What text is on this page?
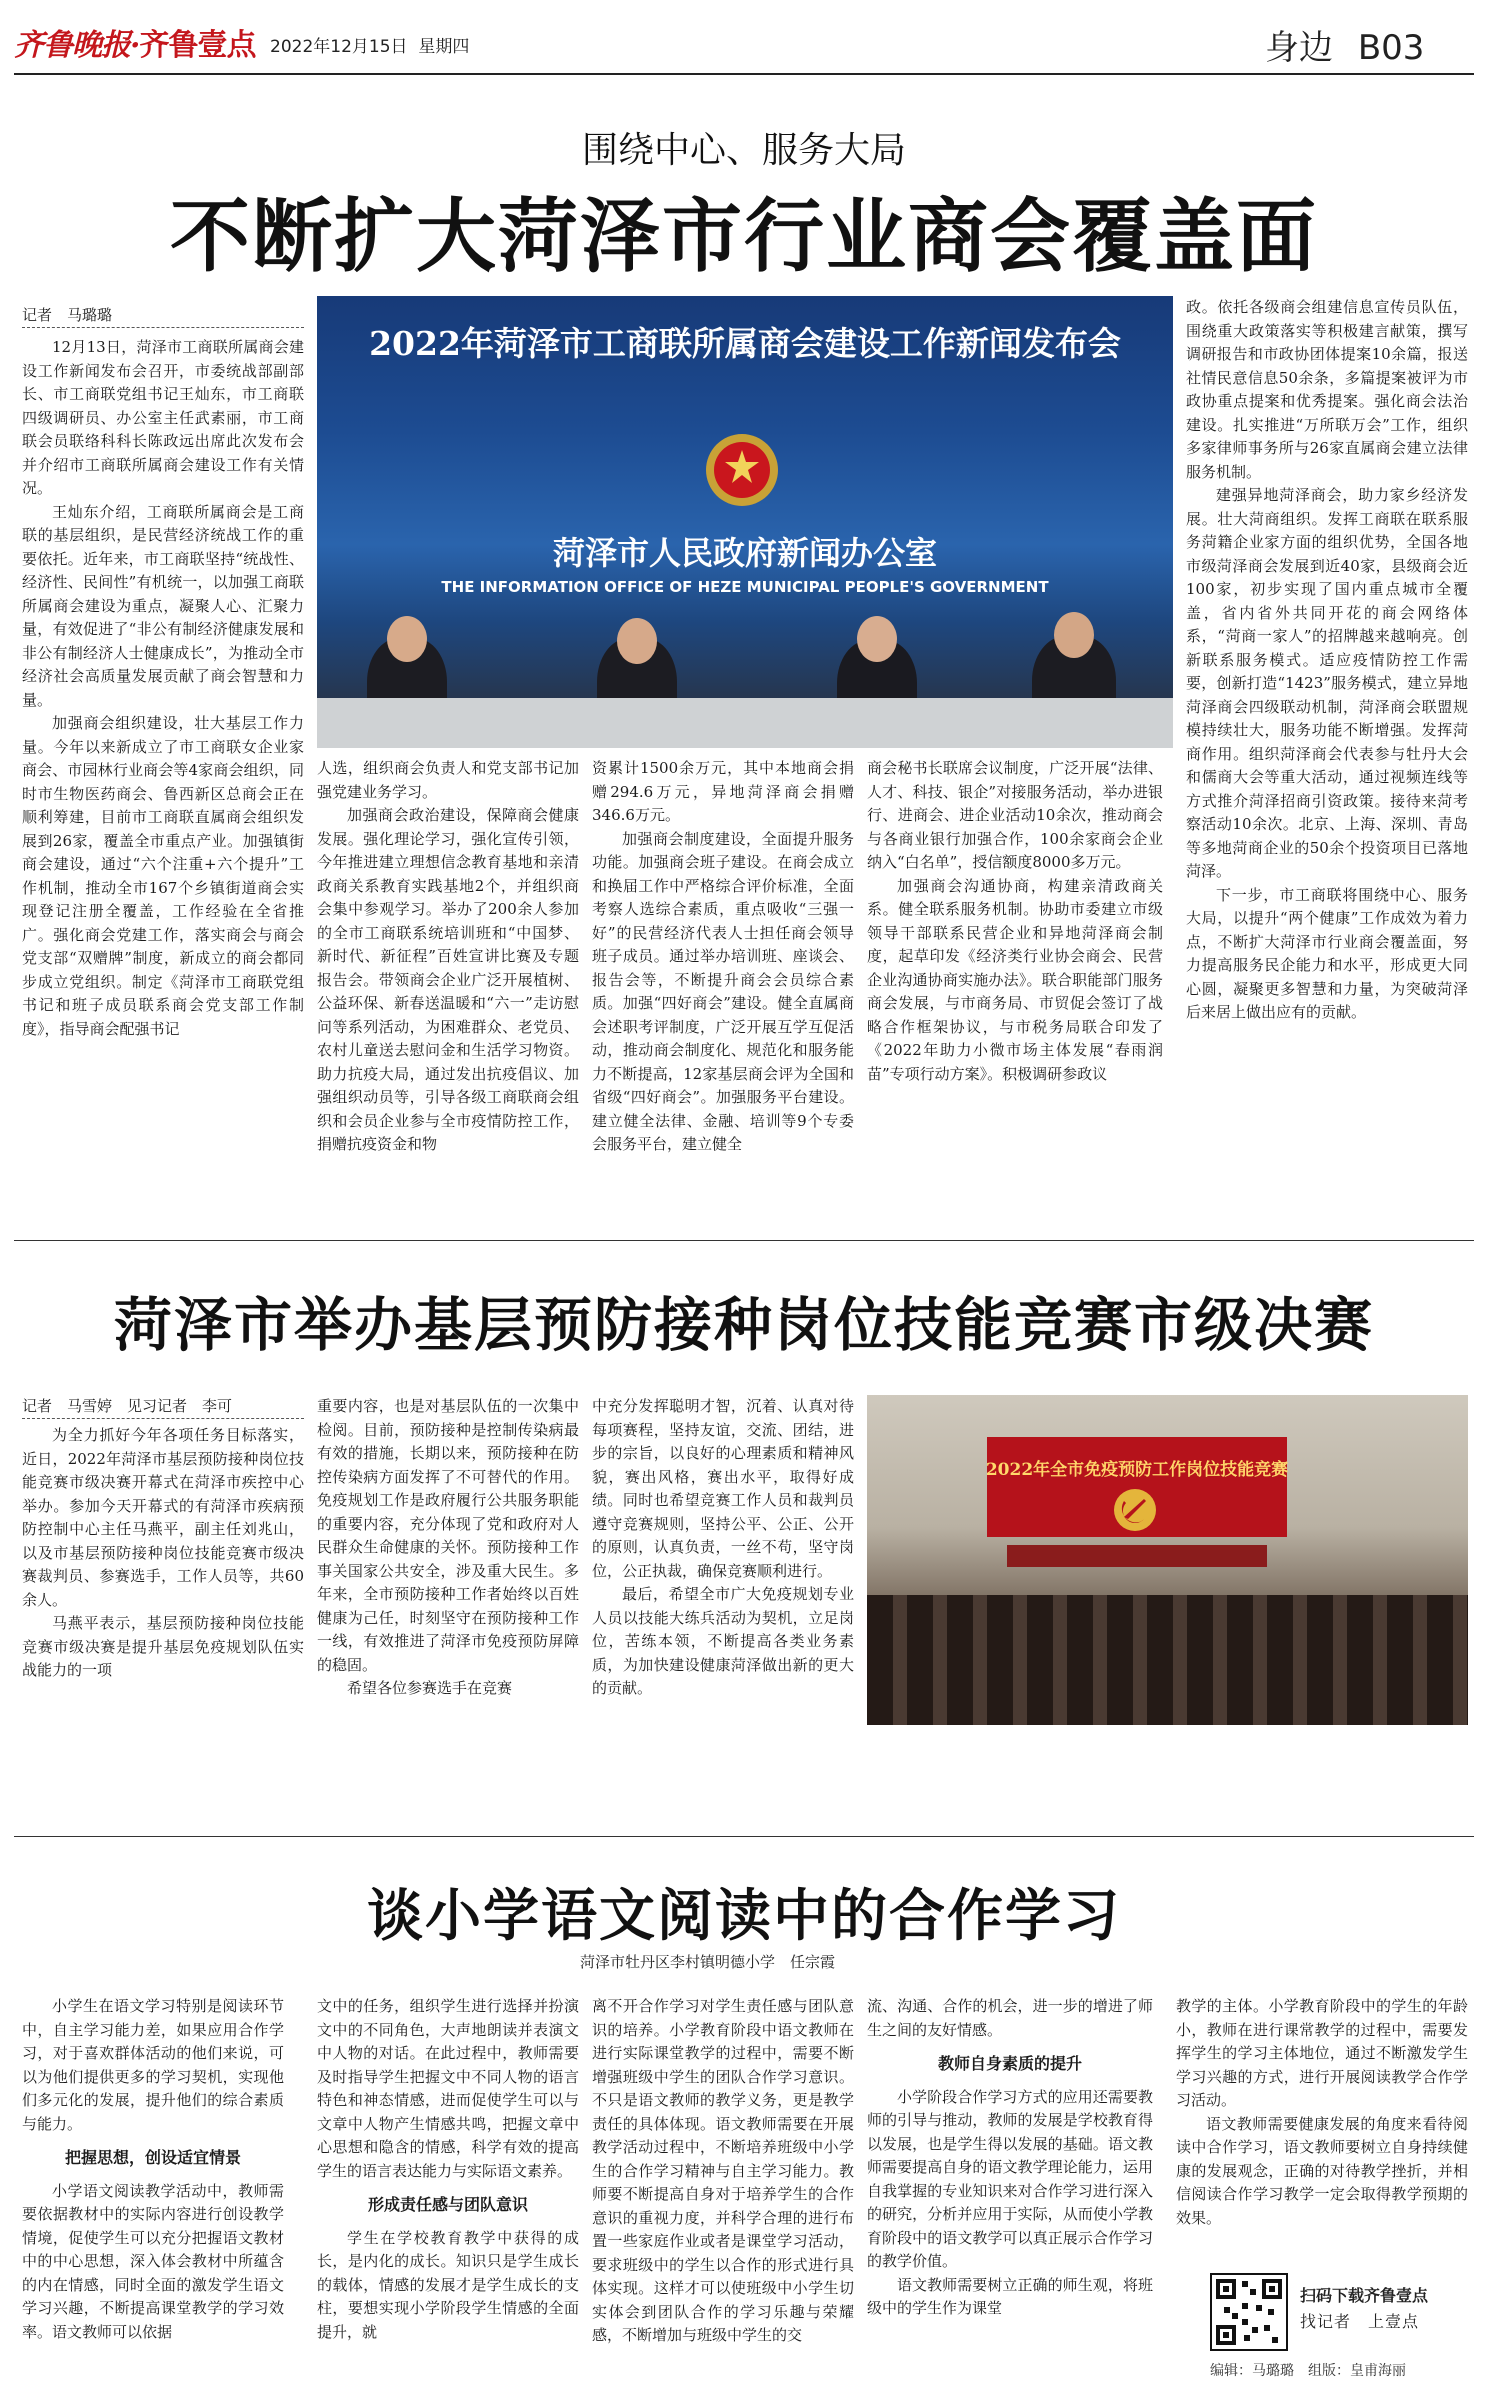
齐鲁晚报·齐鲁壹点 2022年12月15日 星期四	身边 B03
围绕中心、服务大局
不断扩大菏泽市行业商会覆盖面
记者　马璐璐
2022年菏泽市工商联所属商会建设工作新闻发布会
菏泽市人民政府新闻办公室
THE INFORMATION OFFICE OF HEZE MUNICIPAL PEOPLE'S GOVERNMENT

12月13日，菏泽市工商联所属商会建设工作新闻发布会召开，市委统战部副部长、市工商联党组书记王灿东，市工商联四级调研员、办公室主任武素丽，市工商联会员联络科科长陈政远出席此次发布会并介绍市工商联所属商会建设工作有关情况。

王灿东介绍，工商联所属商会是工商联的基层组织，是民营经济统战工作的重要依托。近年来，市工商联坚持“统战性、经济性、民间性”有机统一，以加强工商联所属商会建设为重点，凝聚人心、汇聚力量，有效促进了“非公有制经济健康发展和非公有制经济人士健康成长”，为推动全市经济社会高质量发展贡献了商会智慧和力量。

加强商会组织建设，壮大基层工作力量。今年以来新成立了市工商联女企业家商会、市园林行业商会等4家商会组织，同时市生物医药商会、鲁西新区总商会正在顺利筹建，目前市工商联直属商会组织发展到26家，覆盖全市重点产业。加强镇街商会建设，通过“六个注重+六个提升”工作机制，推动全市167个乡镇街道商会实现登记注册全覆盖，工作经验在全省推广。强化商会党建工作，落实商会与商会党支部“双赠牌”制度，新成立的商会都同步成立党组织。制定《菏泽市工商联党组书记和班子成员联系商会党支部工作制度》，指导商会配强书记

人选，组织商会负责人和党支部书记加强党建业务学习。

加强商会政治建设，保障商会健康发展。强化理论学习，强化宣传引领，今年推进建立理想信念教育基地和亲清政商关系教育实践基地2个，并组织商会集中参观学习。举办了200余人参加的全市工商联系统培训班和“中国梦、新时代、新征程”百姓宣讲比赛及专题报告会。带领商会企业广泛开展植树、公益环保、新春送温暖和“六一”走访慰问等系列活动，为困难群众、老党员、农村儿童送去慰问金和生活学习物资。助力抗疫大局，通过发出抗疫倡议、加强组织动员等，引导各级工商联商会组织和会员企业参与全市疫情防控工作，捐赠抗疫资金和物

资累计1500余万元，其中本地商会捐赠294.6万元，异地菏泽商会捐赠346.6万元。

加强商会制度建设，全面提升服务功能。加强商会班子建设。在商会成立和换届工作中严格综合评价标准，全面考察人选综合素质，重点吸收“三强一好”的民营经济代表人士担任商会领导班子成员。通过举办培训班、座谈会、报告会等，不断提升商会会员综合素质。加强“四好商会”建设。健全直属商会述职考评制度，广泛开展互学互促活动，推动商会制度化、规范化和服务能力不断提高，12家基层商会评为全国和省级“四好商会”。加强服务平台建设。建立健全法律、金融、培训等9个专委会服务平台，建立健全

商会秘书长联席会议制度，广泛开展“法律、人才、科技、银企”对接服务活动，举办进银行、进商会、进企业活动10余次，推动商会与各商业银行加强合作，100余家商会企业纳入“白名单”，授信额度8000多万元。

加强商会沟通协商，构建亲清政商关系。健全联系服务机制。协助市委建立市级领导干部联系民营企业和异地菏泽商会制度，起草印发《经济类行业协会商会、民营企业沟通协商实施办法》。联合职能部门服务商会发展，与市商务局、市贸促会签订了战略合作框架协议，与市税务局联合印发了《2022年助力小微市场主体发展“春雨润苗”专项行动方案》。积极调研参政议

政。依托各级商会组建信息宣传员队伍，围绕重大政策落实等积极建言献策，撰写调研报告和市政协团体提案10余篇，报送社情民意信息50余条，多篇提案被评为市政协重点提案和优秀提案。强化商会法治建设。扎实推进“万所联万会”工作，组织多家律师事务所与26家直属商会建立法律服务机制。

建强异地菏泽商会，助力家乡经济发展。壮大菏商组织。发挥工商联在联系服务菏籍企业家方面的组织优势，全国各地市级菏泽商会发展到近40家，县级商会近100家，初步实现了国内重点城市全覆盖，省内省外共同开花的商会网络体系，“菏商一家人”的招牌越来越响亮。创新联系服务模式。适应疫情防控工作需要，创新打造“1423”服务模式，建立异地菏泽商会四级联动机制，菏泽商会联盟规模持续壮大，服务功能不断增强。发挥菏商作用。组织菏泽商会代表参与牡丹大会和儒商大会等重大活动，通过视频连线等方式推介菏泽招商引资政策。接待来菏考察活动10余次。北京、上海、深圳、青岛等多地菏商企业的50余个投资项目已落地菏泽。

下一步，市工商联将围绕中心、服务大局，以提升“两个健康”工作成效为着力点，不断扩大菏泽市行业商会覆盖面，努力提高服务民企能力和水平，形成更大同心圆，凝聚更多智慧和力量，为突破菏泽后来居上做出应有的贡献。

菏泽市举办基层预防接种岗位技能竞赛市级决赛
记者　马雪婷　见习记者　李可

为全力抓好今年各项任务目标落实，近日，2022年菏泽市基层预防接种岗位技能竞赛市级决赛开幕式在菏泽市疾控中心举办。参加今天开幕式的有菏泽市疾病预防控制中心主任马燕平，副主任刘兆山，以及市基层预防接种岗位技能竞赛市级决赛裁判员、参赛选手，工作人员等，共60余人。

马燕平表示，基层预防接种岗位技能竞赛市级决赛是提升基层免疫规划队伍实战能力的一项

重要内容，也是对基层队伍的一次集中检阅。目前，预防接种是控制传染病最有效的措施，长期以来，预防接种在防控传染病方面发挥了不可替代的作用。免疫规划工作是政府履行公共服务职能的重要内容，充分体现了党和政府对人民群众生命健康的关怀。预防接种工作事关国家公共安全，涉及重大民生。多年来，全市预防接种工作者始终以百姓健康为己任，时刻坚守在预防接种工作一线，有效推进了菏泽市免疫预防屏障的稳固。

希望各位参赛选手在竞赛

中充分发挥聪明才智，沉着、认真对待每项赛程，坚持友谊，交流、团结，进步的宗旨，以良好的心理素质和精神风貌，赛出风格，赛出水平，取得好成绩。同时也希望竞赛工作人员和裁判员遵守竞赛规则，坚持公平、公正、公开的原则，认真负责，一丝不苟，坚守岗位，公正执裁，确保竞赛顺利进行。

最后，希望全市广大免疫规划专业人员以技能大练兵活动为契机，立足岗位，苦练本领，不断提高各类业务素质，为加快建设健康菏泽做出新的更大的贡献。

2022年全市免疫预防工作岗位技能竞赛
谈小学语文阅读中的合作学习
菏泽市牡丹区李村镇明德小学　任宗霞

小学生在语文学习特别是阅读环节中，自主学习能力差，如果应用合作学习，对于喜欢群体活动的他们来说，可以为他们提供更多的学习契机，实现他们多元化的发展，提升他们的综合素质与能力。

把握思想，创设适宜情景

小学语文阅读教学活动中，教师需要依据教材中的实际内容进行创设教学情境，促使学生可以充分把握语文教材中的中心思想，深入体会教材中所蕴含的内在情感，同时全面的激发学生语文学习兴趣，不断提高课堂教学的学习效率。语文教师可以依据

文中的任务，组织学生进行选择并扮演文中的不同角色，大声地朗读并表演文中人物的对话。在此过程中，教师需要及时指导学生把握文中不同人物的语言特色和神态情感，进而促使学生可以与文章中人物产生情感共鸣，把握文章中心思想和隐含的情感，科学有效的提高学生的语言表达能力与实际语文素养。

形成责任感与团队意识

学生在学校教育教学中获得的成长，是内化的成长。知识只是学生成长的载体，情感的发展才是学生成长的支柱，要想实现小学阶段学生情感的全面提升，就

离不开合作学习对学生责任感与团队意识的培养。小学教育阶段中语文教师在进行实际课堂教学的过程中，需要不断增强班级中学生的团队合作学习意识。不只是语文教师的教学义务，更是教学责任的具体体现。语文教师需要在开展教学活动过程中，不断培养班级中小学生的合作学习精神与自主学习能力。教师要不断提高自身对于培养学生的合作意识的重视力度，并科学合理的进行布置一些家庭作业或者是课堂学习活动，要求班级中的学生以合作的形式进行具体实现。这样才可以使班级中小学生切实体会到团队合作的学习乐趣与荣耀感，不断增加与班级中学生的交

流、沟通、合作的机会，进一步的增进了师生之间的友好情感。

教师自身素质的提升

小学阶段合作学习方式的应用还需要教师的引导与推动，教师的发展是学校教育得以发展，也是学生得以发展的基础。语文教师需要提高自身的语文教学理论能力，运用自我掌握的专业知识来对合作学习进行深入的研究，分析并应用于实际，从而使小学教育阶段中的语文教学可以真正展示合作学习的教学价值。

语文教师需要树立正确的师生观，将班级中的学生作为课堂

教学的主体。小学教育阶段中的学生的年龄小，教师在进行课常教学的过程中，需要发挥学生的学习主体地位，通过不断激发学生学习兴趣的方式，进行开展阅读教学合作学习活动。

语文教师需要健康发展的角度来看待阅读中合作学习，语文教师要树立自身持续健康的发展观念，正确的对待教学挫折，并相信阅读合作学习教学一定会取得教学预期的效果。

扫码下载齐鲁壹点
找记者　上壹点
编辑：马璐璐　组版：皇甫海丽
